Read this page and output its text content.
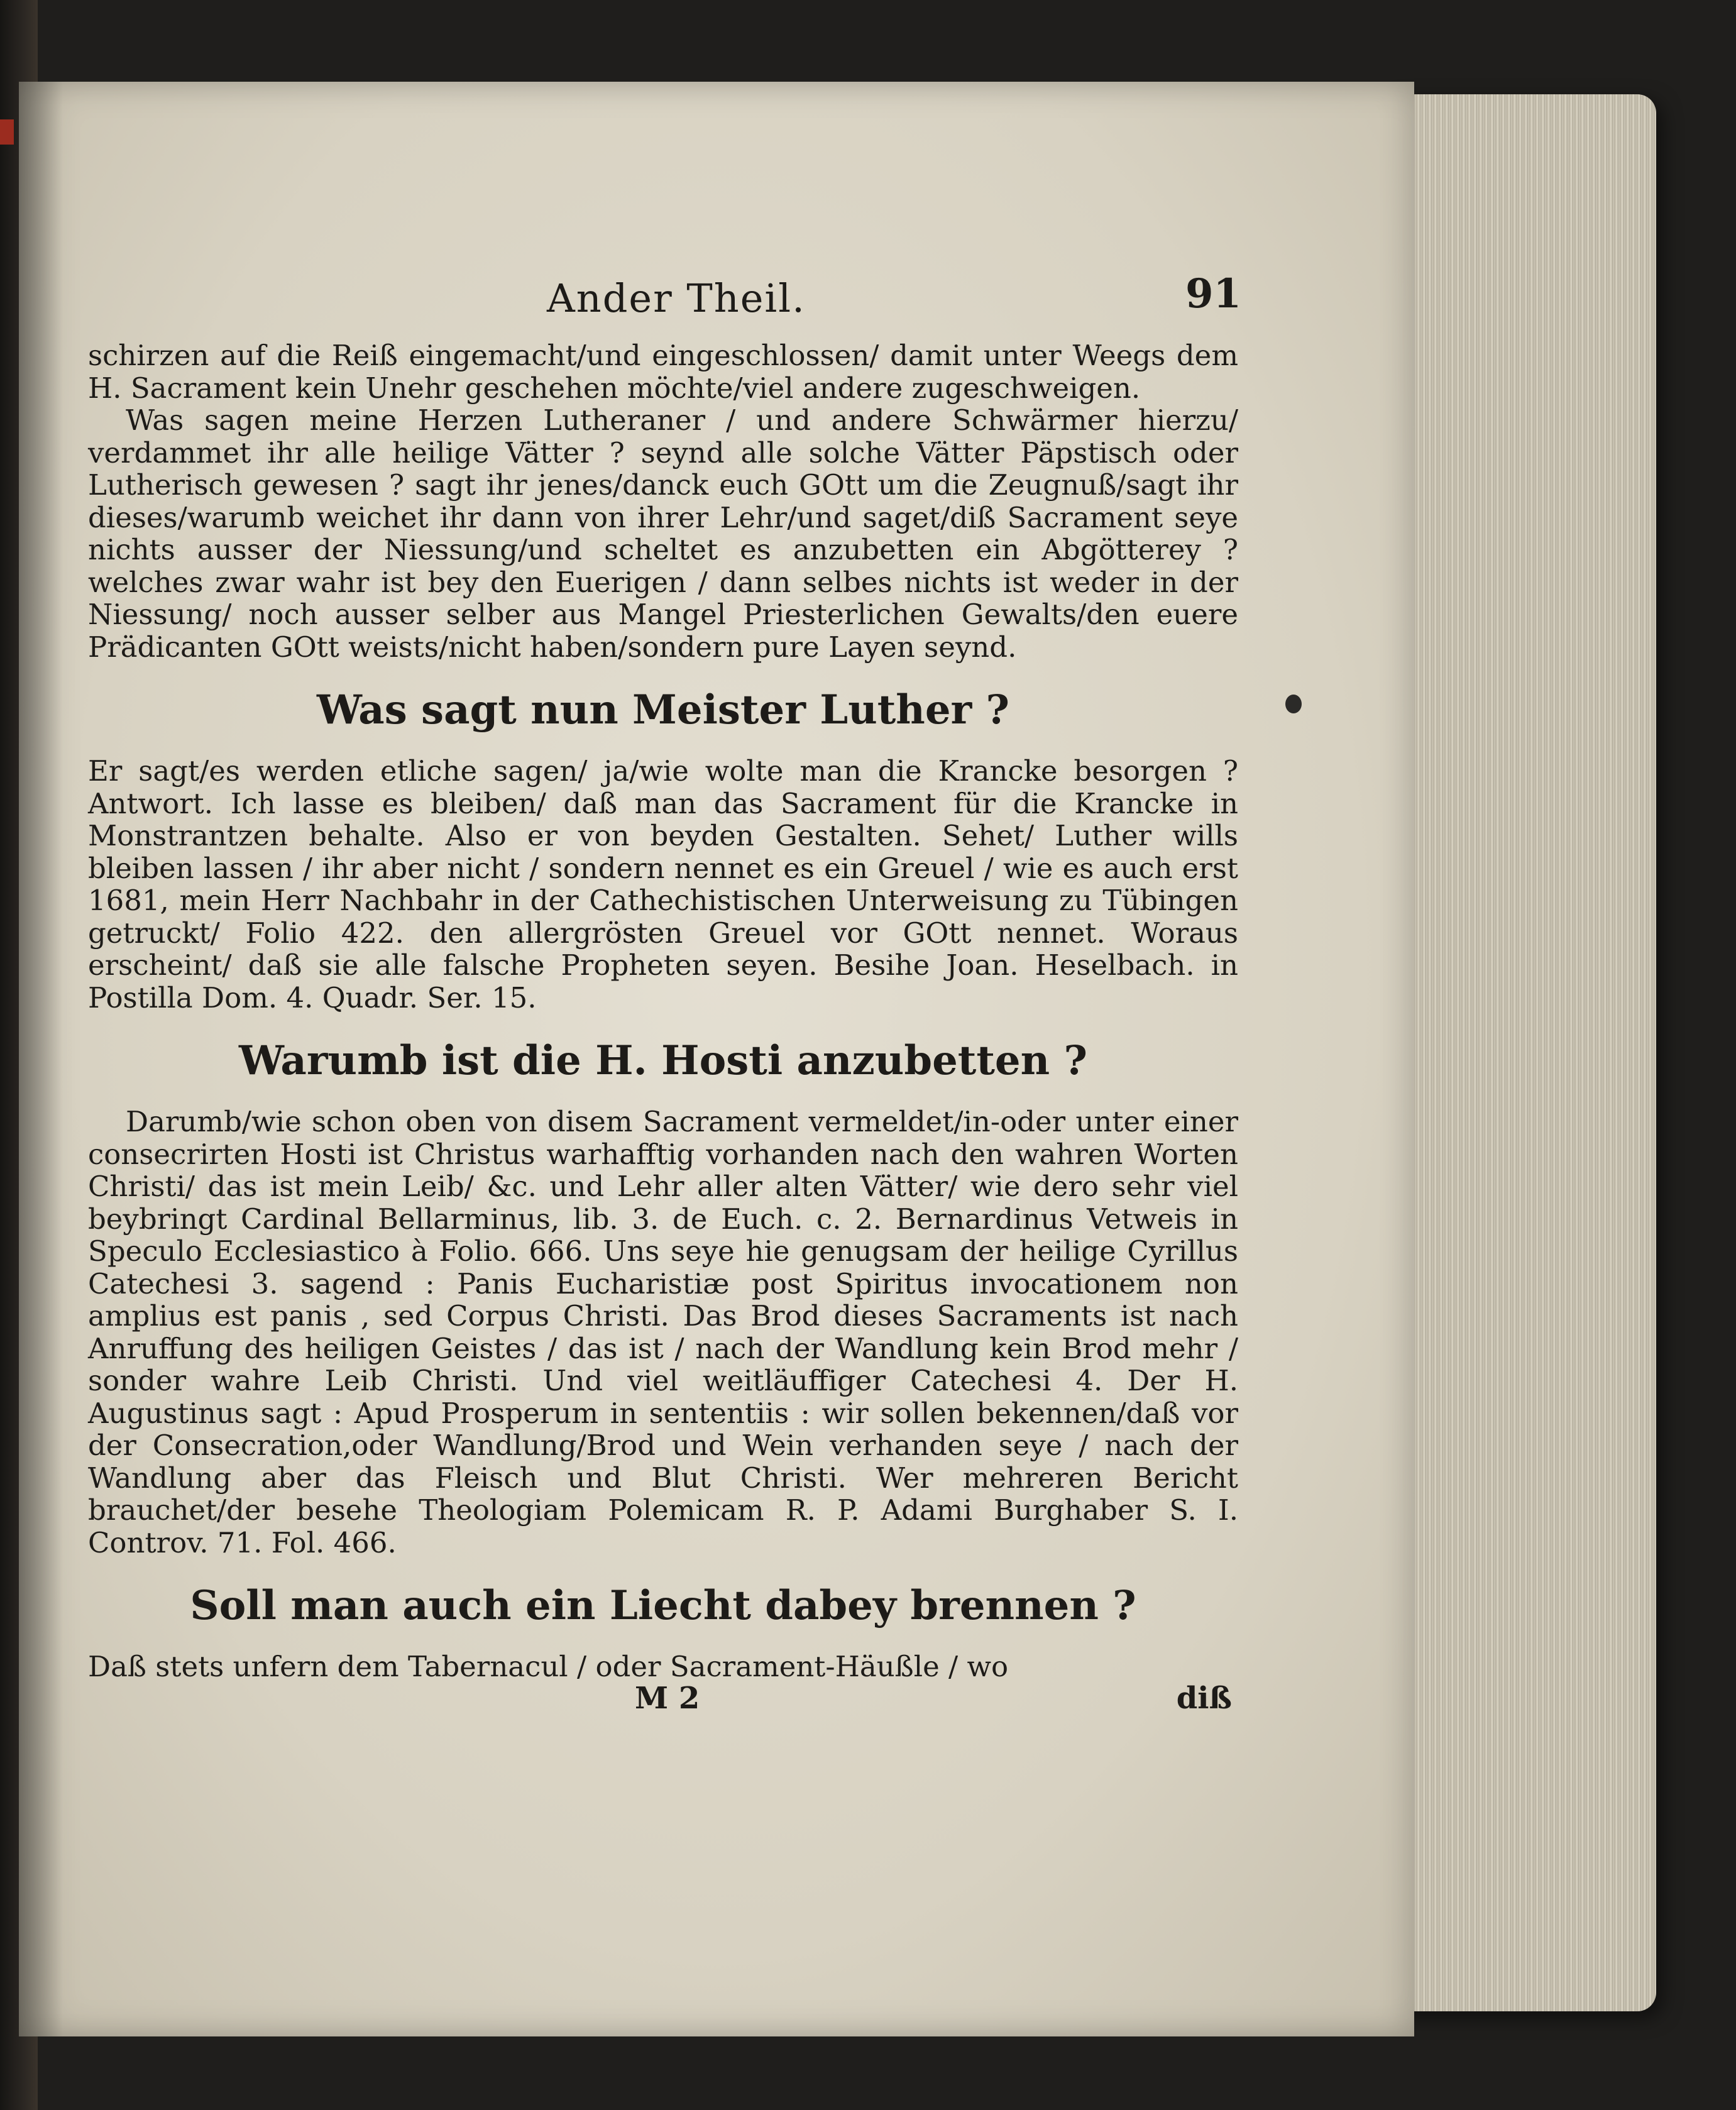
Ander Theil.	91

schirzen auf die Reiß eingemacht/und eingeschlossen/ damit unter Weegs dem H. Sacrament kein Unehr geschehen möchte/viel andere zugeschweigen.

Was sagen meine Herzen Lutheraner / und andere Schwärmer hierzu/ verdammet ihr alle heilige Vätter ? seynd alle solche Vätter Päpstisch oder Lutherisch gewesen ? sagt ihr jenes/danck euch GOtt um die Zeugnuß/sagt ihr dieses/warumb weichet ihr dann von ihrer Lehr/und saget/diß Sacrament seye nichts ausser der Niessung/und scheltet es anzubetten ein Abgötterey ? welches zwar wahr ist bey den Euerigen / dann selbes nichts ist weder in der Niessung/ noch ausser selber aus Mangel Priesterlichen Gewalts/den euere Prädicanten GOtt weists/nicht haben/sondern pure Layen seynd.

Was sagt nun Meister Luther ?

Er sagt/es werden etliche sagen/ ja/wie wolte man die Krancke besorgen ? Antwort. Ich lasse es bleiben/ daß man das Sacrament für die Krancke in Monstrantzen behalte. Also er von beyden Gestalten. Sehet/ Luther wills bleiben lassen / ihr aber nicht / sondern nennet es ein Greuel / wie es auch erst 1681, mein Herr Nachbahr in der Cathechistischen Unterweisung zu Tübingen getruckt/ Folio 422. den allergrösten Greuel vor GOtt nennet. Woraus erscheint/ daß sie alle falsche Propheten seyen. Besihe Joan. Heselbach. in Postilla Dom. 4. Quadr. Ser. 15.

Warumb ist die H. Hosti anzubetten ?

Darumb/wie schon oben von disem Sacrament vermeldet/in-oder unter einer consecrirten Hosti ist Christus warhafftig vorhanden nach den wahren Worten Christi/ das ist mein Leib/ &c. und Lehr aller alten Vätter/ wie dero sehr viel beybringt Cardinal Bellarminus, lib. 3. de Euch. c. 2. Bernardinus Vetweis in Speculo Ecclesiastico à Folio. 666. Uns seye hie genugsam der heilige Cyrillus Catechesi 3. sagend : Panis Eucharistiæ post Spiritus invocationem non amplius est panis , sed Corpus Christi. Das Brod dieses Sacraments ist nach Anruffung des heiligen Geistes / das ist / nach der Wandlung kein Brod mehr / sonder wahre Leib Christi. Und viel weitläuffiger Catechesi 4. Der H. Augustinus sagt : Apud Prosperum in sententiis : wir sollen bekennen/daß vor der Consecration,oder Wandlung/Brod und Wein verhanden seye / nach der Wandlung aber das Fleisch und Blut Christi. Wer mehreren Bericht brauchet/der besehe Theologiam Polemicam R. P. Adami Burghaber S. I. Controv. 71. Fol. 466.

Soll man auch ein Liecht dabey brennen ?

Daß stets unfern dem Tabernacul / oder Sacrament-Häußle / wo

M 2	diß
